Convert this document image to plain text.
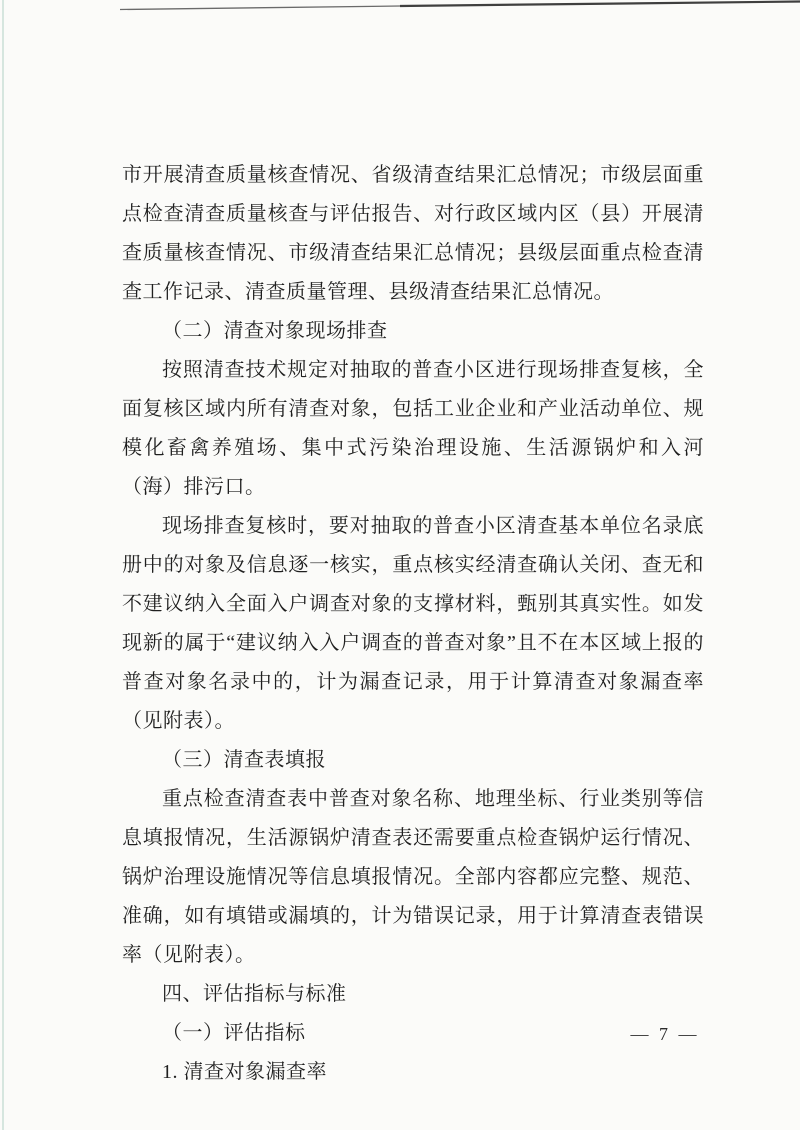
市开展清查质量核查情况、省级清查结果汇总情况；市级层面重点检查清查质量核查与评估报告、对行政区域内区（县）开展清查质量核查情况、市级清查结果汇总情况；县级层面重点检查清查工作记录、清查质量管理、县级清查结果汇总情况。

（二）清查对象现场排查

按照清查技术规定对抽取的普查小区进行现场排查复核，全面复核区域内所有清查对象，包括工业企业和产业活动单位、规模化畜禽养殖场、集中式污染治理设施、生活源锅炉和入河（海）排污口。

现场排查复核时，要对抽取的普查小区清查基本单位名录底册中的对象及信息逐一核实，重点核实经清查确认关闭、查无和不建议纳入全面入户调查对象的支撑材料，甄别其真实性。如发现新的属于“建议纳入入户调查的普查对象”且不在本区域上报的普查对象名录中的，计为漏查记录，用于计算清查对象漏查率（见附表）。

（三）清查表填报

重点检查清查表中普查对象名称、地理坐标、行业类别等信息填报情况，生活源锅炉清查表还需要重点检查锅炉运行情况、锅炉治理设施情况等信息填报情况。全部内容都应完整、规范、准确，如有填错或漏填的，计为错误记录，用于计算清查表错误率（见附表）。

四、评估指标与标准
（一）评估指标
1. 清查对象漏查率
— 7 —
